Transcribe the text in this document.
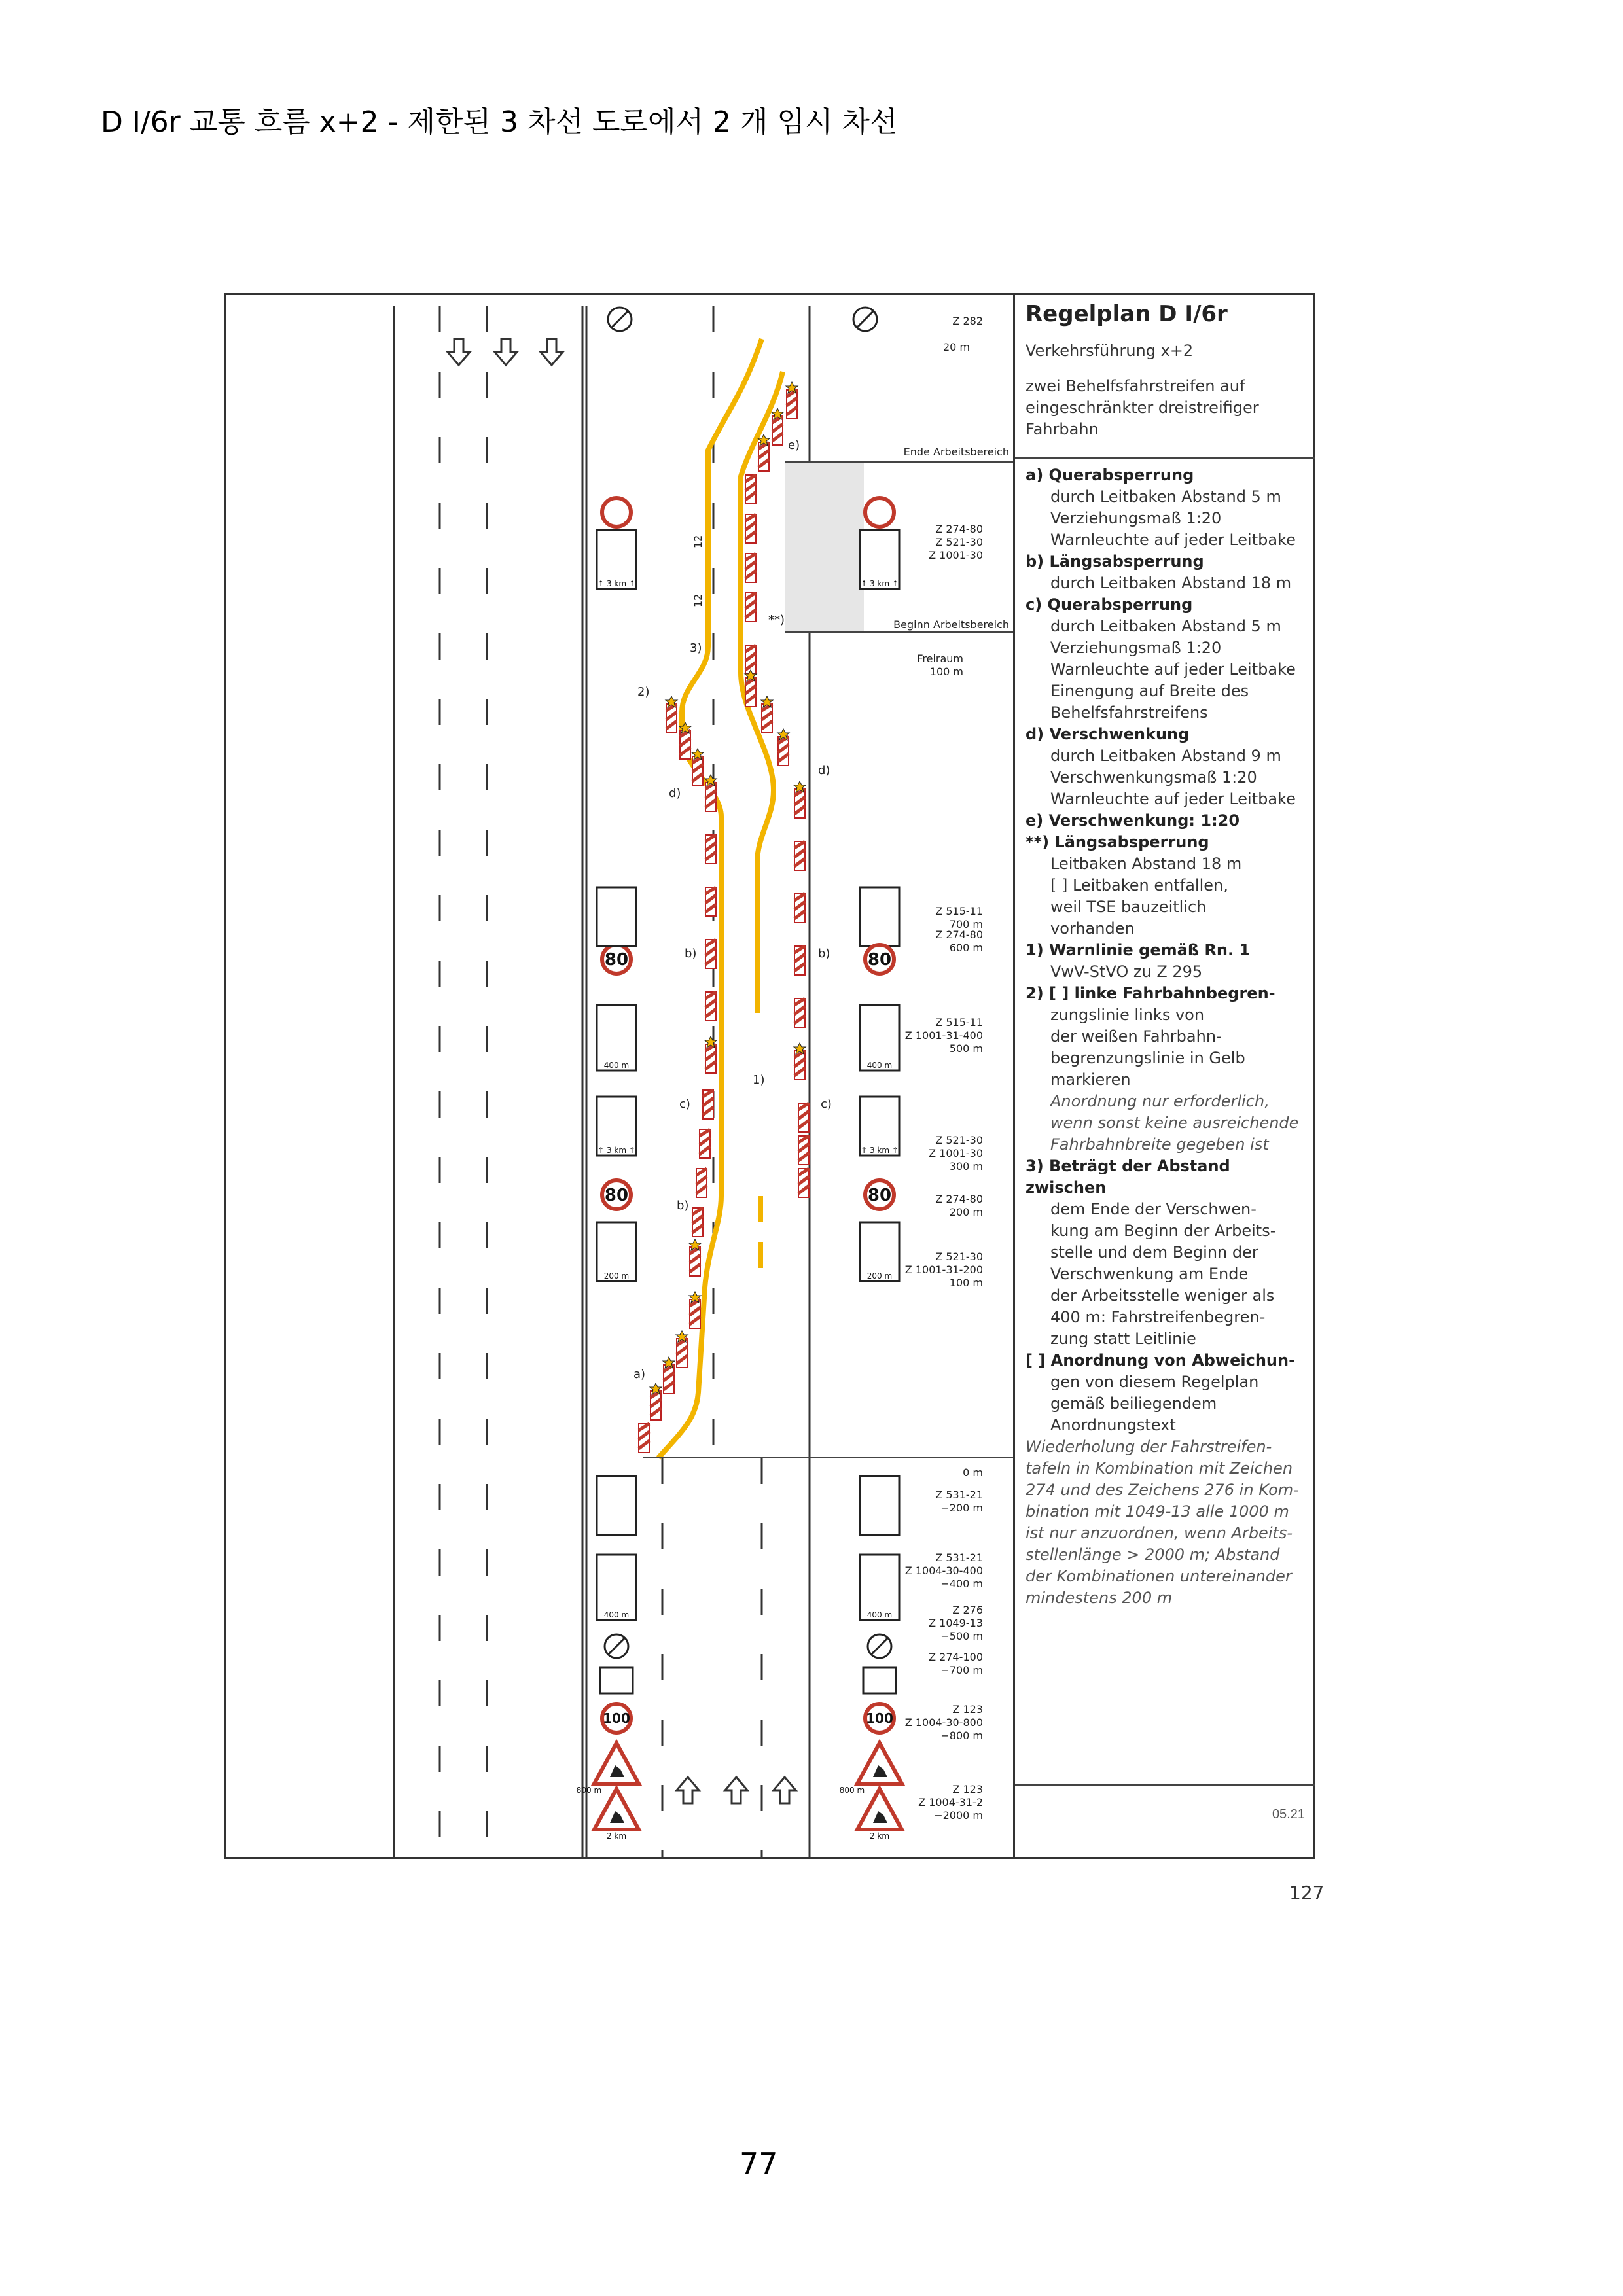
D I/6r 교통 흐름 x+2 - 제한된 3 차선 도로에서 2 개 임시 차선
80
80
80
80
100	100
↑ 3 km ↑	↑ 3 km ↑
400 m	400 m
↑ 3 km ↑	↑ 3 km ↑
200 m	200 m
400 m	400 m
800 m	800 m
2 km	2 km
e)
**)
3)
2)
d)
d)
b)	b)
1)
c)	c)
b)
a)
12
12
Ende Arbeitsbereich
Beginn Arbeitsbereich
Freiraum
100 m
Z 282
20 m
Z 274-80
Z 521-30
Z 1001-30
Z 515-11
700 m
Z 274-80
600 m
Z 515-11
Z 1001-31-400
500 m
Z 521-30
Z 1001-30
300 m
Z 274-80
200 m
Z 521-30
Z 1001-31-200
100 m
0 m
Z 531-21
−200 m
Z 531-21
Z 1004-30-400
−400 m
Z 276
Z 1049-13
−500 m
Z 274-100
−700 m
Z 123
Z 1004-30-800
−800 m
Z 123
Z 1004-31-2
−2000 m
Regelplan D I/6r
Verkehrsführung x+2
zwei Behelfsfahrstreifen auf
eingeschränkter dreistreifiger
Fahrbahn
a) Querabsperrung
durch Leitbaken Abstand 5 m
Verziehungsmaß 1:20
Warnleuchte auf jeder Leitbake
b) Längsabsperrung
durch Leitbaken Abstand 18 m
c) Querabsperrung
durch Leitbaken Abstand 5 m
Verziehungsmaß 1:20
Warnleuchte auf jeder Leitbake
Einengung auf Breite des
Behelfsfahrstreifens
d) Verschwenkung
durch Leitbaken Abstand 9 m
Verschwenkungsmaß 1:20
Warnleuchte auf jeder Leitbake
e) Verschwenkung: 1:20
**) Längsabsperrung
Leitbaken Abstand 18 m
[ ] Leitbaken entfallen,
weil TSE bauzeitlich
vorhanden
1) Warnlinie gemäß Rn. 1
VwV-StVO zu Z 295
2) [ ] linke Fahrbahnbegren-
zungslinie links von
der weißen Fahrbahn-
begrenzungslinie in Gelb
markieren
Anordnung nur erforderlich,
wenn sonst keine ausreichende
Fahrbahnbreite gegeben ist
3) Beträgt der Abstand zwischen
dem Ende der Verschwen-
kung am Beginn der Arbeits-
stelle und dem Beginn der
Verschwenkung am Ende
der Arbeitsstelle weniger als
400 m: Fahrstreifenbegren-
zung statt Leitlinie
[ ] Anordnung von Abweichun-
gen von diesem Regelplan
gemäß beiliegendem
Anordnungstext
Wiederholung der Fahrstreifen-
tafeln in Kombination mit Zeichen
274 und des Zeichens 276 in Kom-
bination mit 1049-13 alle 1000 m
ist nur anzuordnen, wenn Arbeits-
stellenlänge > 2000 m; Abstand
der Kombinationen untereinander
mindestens 200 m
05.21
127
77
